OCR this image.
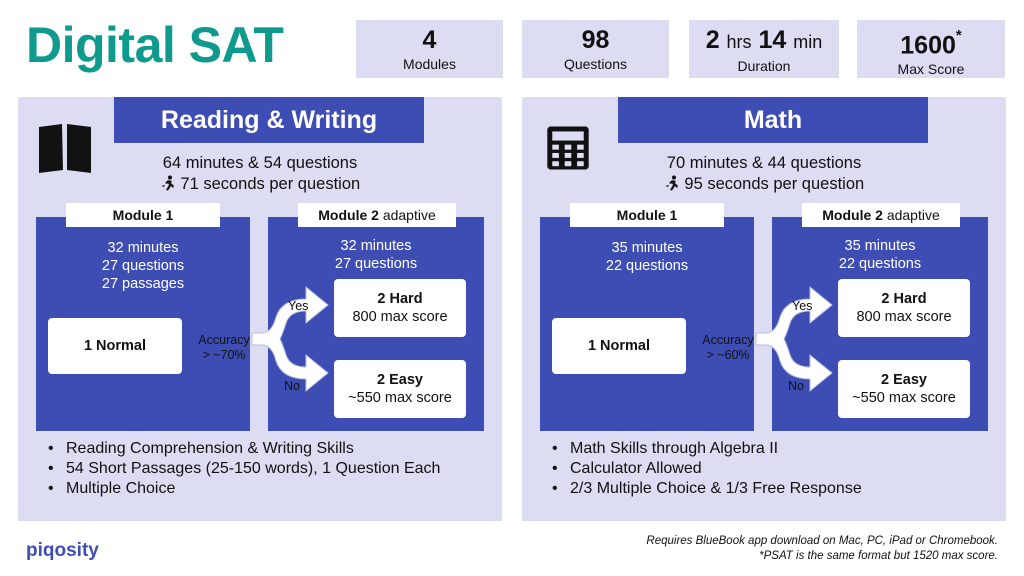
Digital SAT	4
Modules
98
Questions
2 hrs 14 min
Duration
1600*
Max Score
Reading & Writing
64 minutes & 54 questions
71 seconds per question
Module 1
32 minutes
27 questions
27 passages
1 Normal
Module 2 adaptive
32 minutes
27 questions
2 Hard
800 max score
2 Easy
~550 max score
Accuracy
> ~70%
Yes
No
• Reading Comprehension & Writing Skills
• 54 Short Passages (25-150 words), 1 Question Each
• Multiple Choice
Math
70 minutes & 44 questions
95 seconds per question
Module 1
35 minutes
22 questions
1 Normal
Module 2 adaptive
35 minutes
22 questions
2 Hard
800 max score
2 Easy
~550 max score
Accuracy
> ~60%
Yes
No
• Math Skills through Algebra II
• Calculator Allowed
• 2/3 Multiple Choice & 1/3 Free Response
piqosity	Requires BlueBook app download on Mac, PC, iPad or Chromebook.
*PSAT is the same format but 1520 max score.
